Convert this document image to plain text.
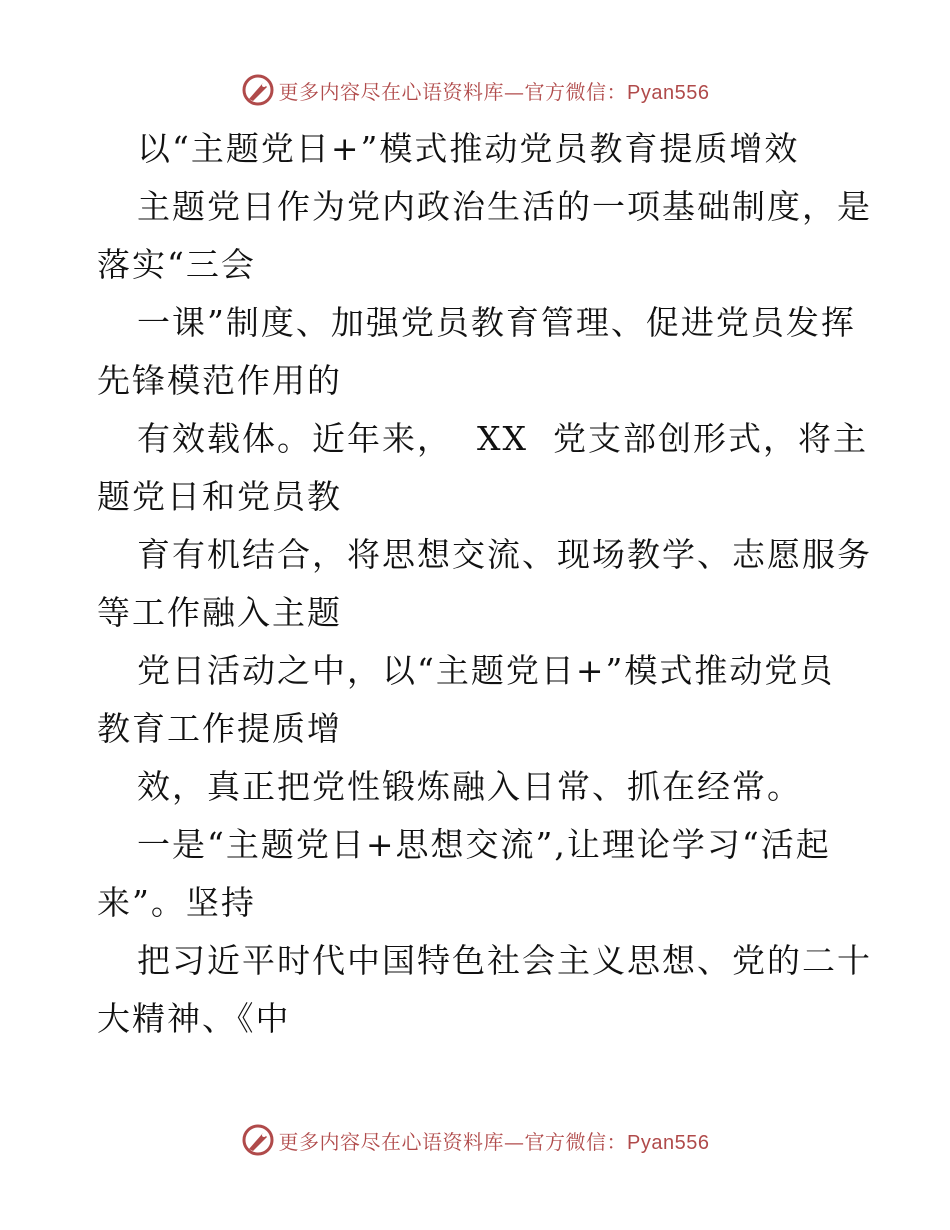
更多内容尽在心语资料库—官方微信：Pyan556
以“主题党日+”模式推动党员教育提质增效
主题党日作为党内政治生活的一项基础制度，是
落实“三会
一课”制度、加强党员教育管理、促进党员发挥
先锋模范作用的
有效载体。近年来，  XX  党支部创形式，将主
题党日和党员教
育有机结合，将思想交流、现场教学、志愿服务
等工作融入主题
党日活动之中，以“主题党日+”模式推动党员
教育工作提质增
效，真正把党性锻炼融入日常、抓在经常。
一是“主题党日+思想交流”,让理论学习“活起
来”。坚持
把习近平时代中国特色社会主义思想、党的二十
大精神、《中
更多内容尽在心语资料库—官方微信：Pyan556
